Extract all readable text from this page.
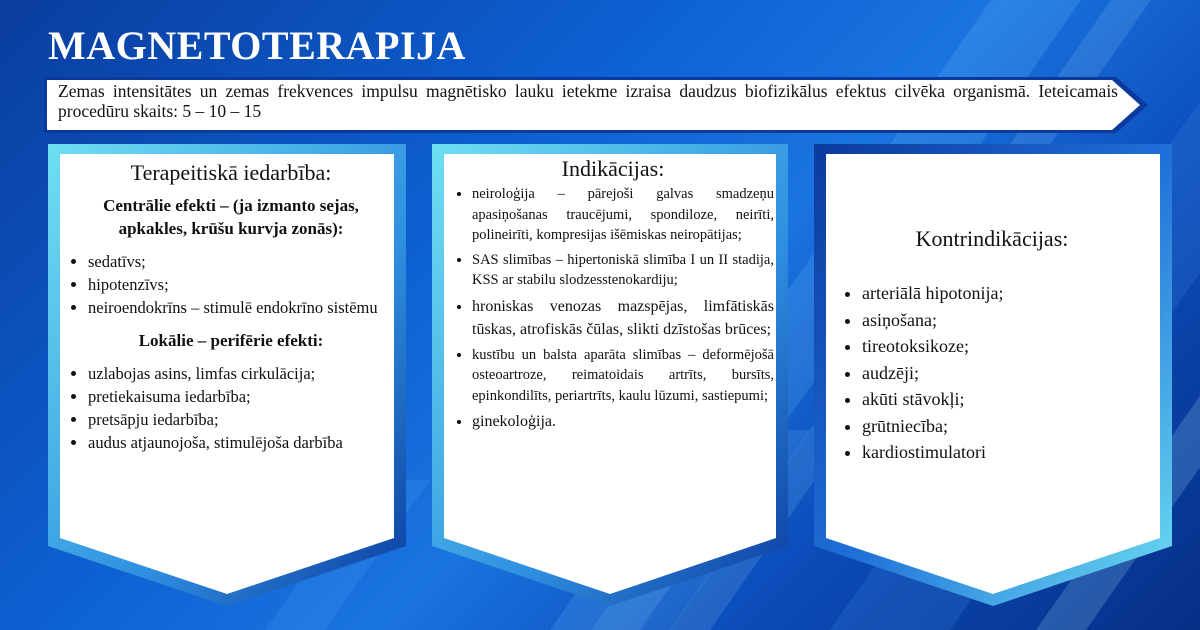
MAGNETOTERAPIJA
Zemas intensitātes un zemas frekvences impulsu magnētisko lauku ietekme izraisa daudzus biofizikālus efektus cilvēka organismā. Ieteicamais procedūru skaits: 5 – 10 – 15
Terapeitiskā iedarbība:

Centrālie efekti – (ja izmanto sejas, apkakles, krūšu kurvja zonās):

• sedatīvs;
• hipotenzīvs;
• neiroendokrīns – stimulē endokrīno sistēmu

Lokālie – perifērie efekti:

• uzlabojas asins, limfas cirkulācija;
• pretiekaisuma iedarbība;
• pretsāpju iedarbība;
• audus atjaunojoša, stimulējoša darbība
Indikācijas:
• neiroloģija – pārejoši galvas smadzeņu apasiņošanas traucējumi, spondiloze, neirīti, polineirīti, kompresijas išēmiskas neiropātijas;
• SAS slimības – hipertoniskā slimība I un II stadija, KSS ar stabilu slodzesstenokardiju;
• hroniskas venozas mazspējas, limfātiskās tūskas, atrofiskās čūlas, slikti dzīstošas brūces;
• kustību un balsta aparāta slimības – deformējošā osteoartroze, reimatoidais artrīts, bursīts, epinkondilīts, periartrīts, kaulu lūzumi, sastiepumi;
• ginekoloģija.
Kontrindikācijas:
• arteriālā hipotonija;
• asiņošana;
• tireotoksikoze;
• audzēji;
• akūti stāvokļi;
• grūtniecība;
• kardiostimulatori
